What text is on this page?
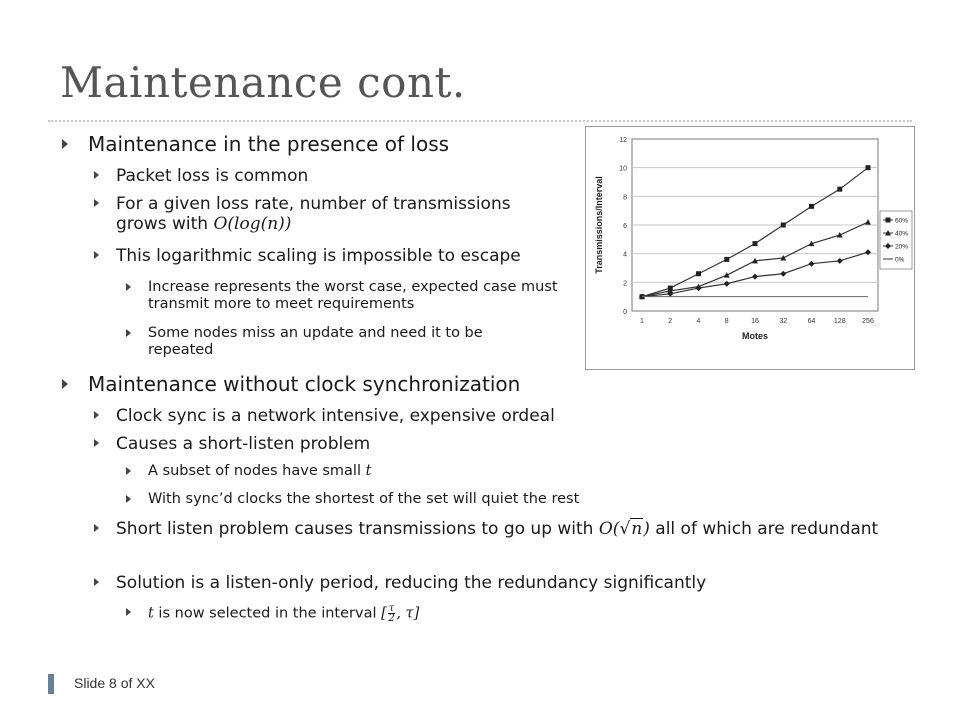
Maintenance cont.
Maintenance in the presence of loss
Packet loss is common
For a given loss rate, number of transmissions grows with O(log(n))
This logarithmic scaling is impossible to escape
Increase represents the worst case, expected case must transmit more to meet requirements
Some nodes miss an update and need it to be repeated
Maintenance without clock synchronization
Clock sync is a network intensive, expensive ordeal
Causes a short-listen problem
A subset of nodes have small t
With sync’d clocks the shortest of the set will quiet the rest
Short listen problem causes transmissions to go up with O(√n) all of which are redundant
Solution is a listen-only period, reducing the redundancy significantly
t is now selected in the interval [ $\frac{\tau}{2}$ , τ]
0
2
4
6
8
10
12
1	2	4	8	16	32	64	128 256
Motes
Transmissions/Interval	60%
40%
20%
0%
Slide 8 of XX
